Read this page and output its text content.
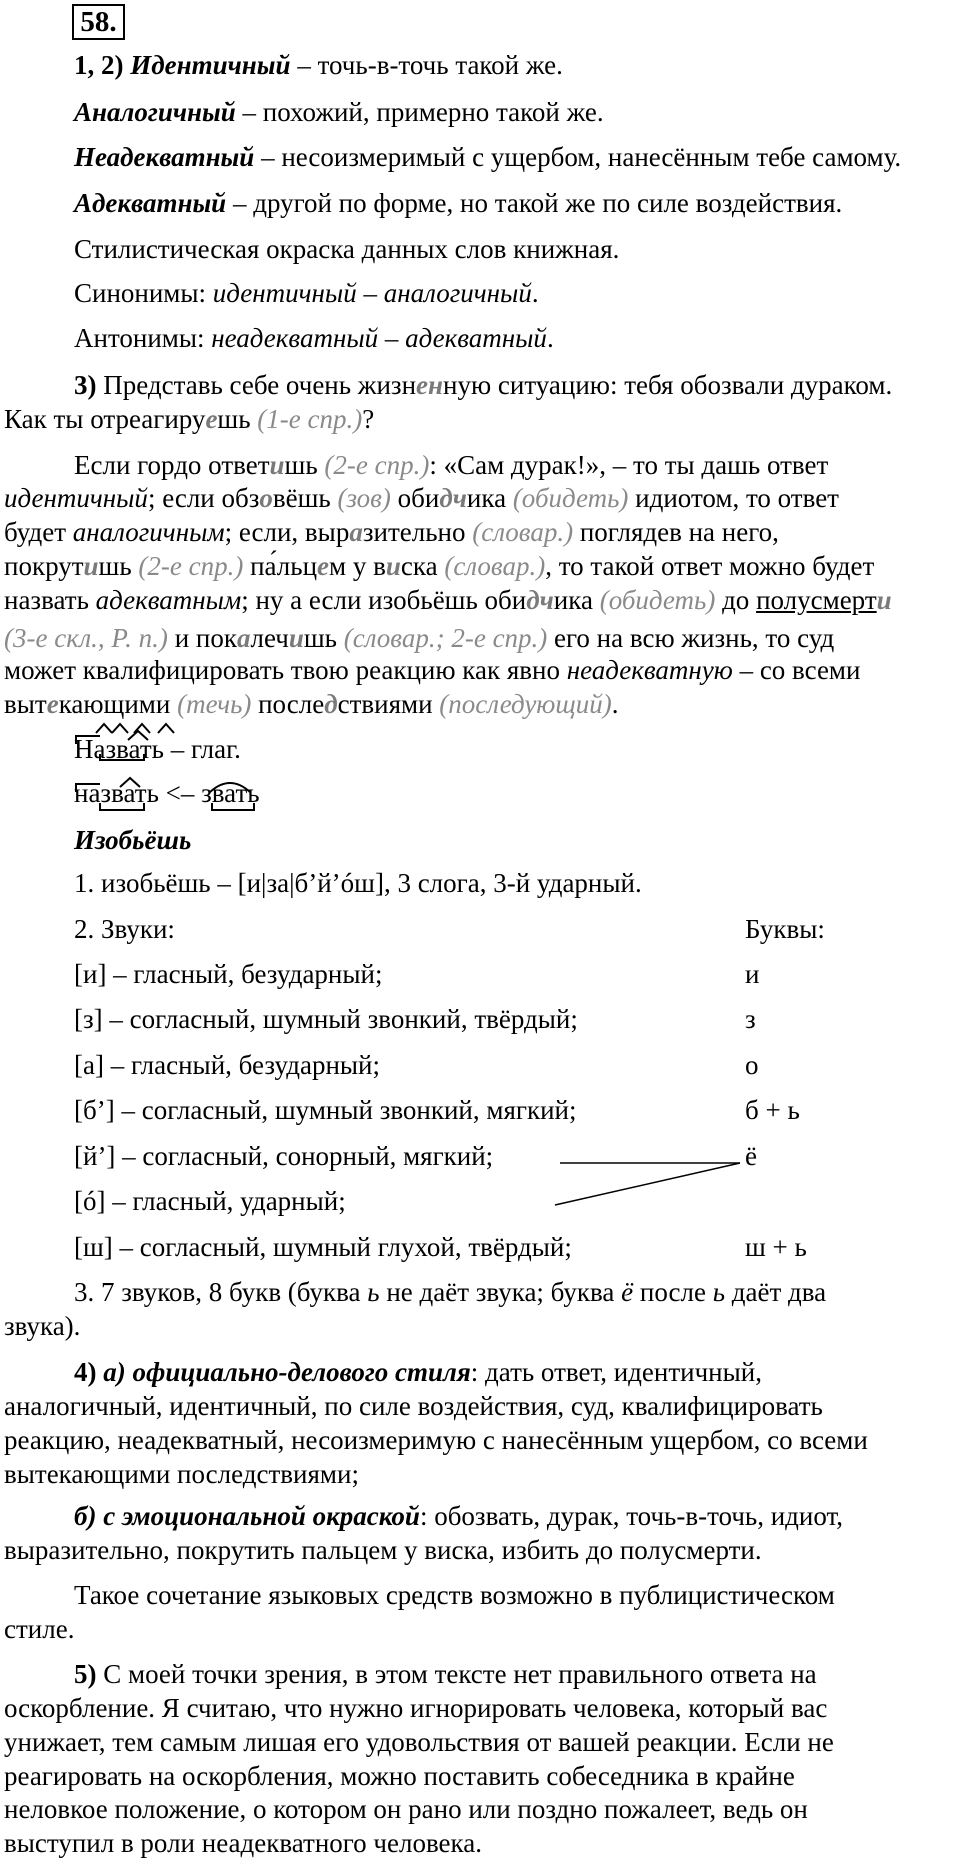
58.
1, 2) Идентичный – точь-в-точь такой же.
Аналогичный – похожий, примерно такой же.
Неадекватный – несоизмеримый с ущербом, нанесённым тебе самому.
Адекватный – другой по форме, но такой же по силе воздействия.
Стилистическая окраска данных слов книжная.
Синонимы: идентичный – аналогичный.
Антонимы: неадекватный – адекватный.
3) Представь себе очень жизненную ситуацию: тебя обозвали дураком.
Как ты отреагируешь (1-е спр.)?
Если гордо ответишь (2-е спр.): «Сам дурак!», – то ты дашь ответ
идентичный; если обзовёшь (зов) обидчика (обидеть) идиотом, то ответ
будет аналогичным; если, выразительно (словар.) поглядев на него,
покрутишь (2-е спр.) па́льцем у виска (словар.), то такой ответ можно будет
назвать адекватным; ну а если изобьёшь обидчика (обидеть) до полусмерти
(3-е скл., Р. п.) и покалечишь (словар.; 2-е спр.) его на всю жизнь, то суд
может квалифицировать твою реакцию как явно неадекватную – со всеми
вытекающими (течь) последствиями (последующий).
Назвать – глаг.
назвать <– звать
Изобьёшь
1. изобьёшь – [и|за|б’й’óш], 3 слога, 3-й ударный.
2. Звуки:	Буквы:
[и] – гласный, безударный;	и
[з] – согласный, шумный звонкий, твёрдый;	з
[а] – гласный, безударный;	о
[б’] – согласный, шумный звонкий, мягкий;	б + ь
[й’] – согласный, сонорный, мягкий;	ё
[ó] – гласный, ударный;
[ш] – согласный, шумный глухой, твёрдый;	ш + ь
3. 7 звуков, 8 букв (буква ь не даёт звука; буква ё после ь даёт два
звука).
4) а) официально-делового стиля: дать ответ, идентичный,
аналогичный, идентичный, по силе воздействия, суд, квалифицировать
реакцию, неадекватный, несоизмеримую с нанесённым ущербом, со всеми
вытекающими последствиями;
б) с эмоциональной окраской: обозвать, дурак, точь-в-точь, идиот,
выразительно, покрутить пальцем у виска, избить до полусмерти.
Такое сочетание языковых средств возможно в публицистическом
стиле.
5) С моей точки зрения, в этом тексте нет правильного ответа на
оскорбление. Я считаю, что нужно игнорировать человека, который вас
унижает, тем самым лишая его удовольствия от вашей реакции. Если не
реагировать на оскорбления, можно поставить собеседника в крайне
неловкое положение, о котором он рано или поздно пожалеет, ведь он
выступил в роли неадекватного человека.
